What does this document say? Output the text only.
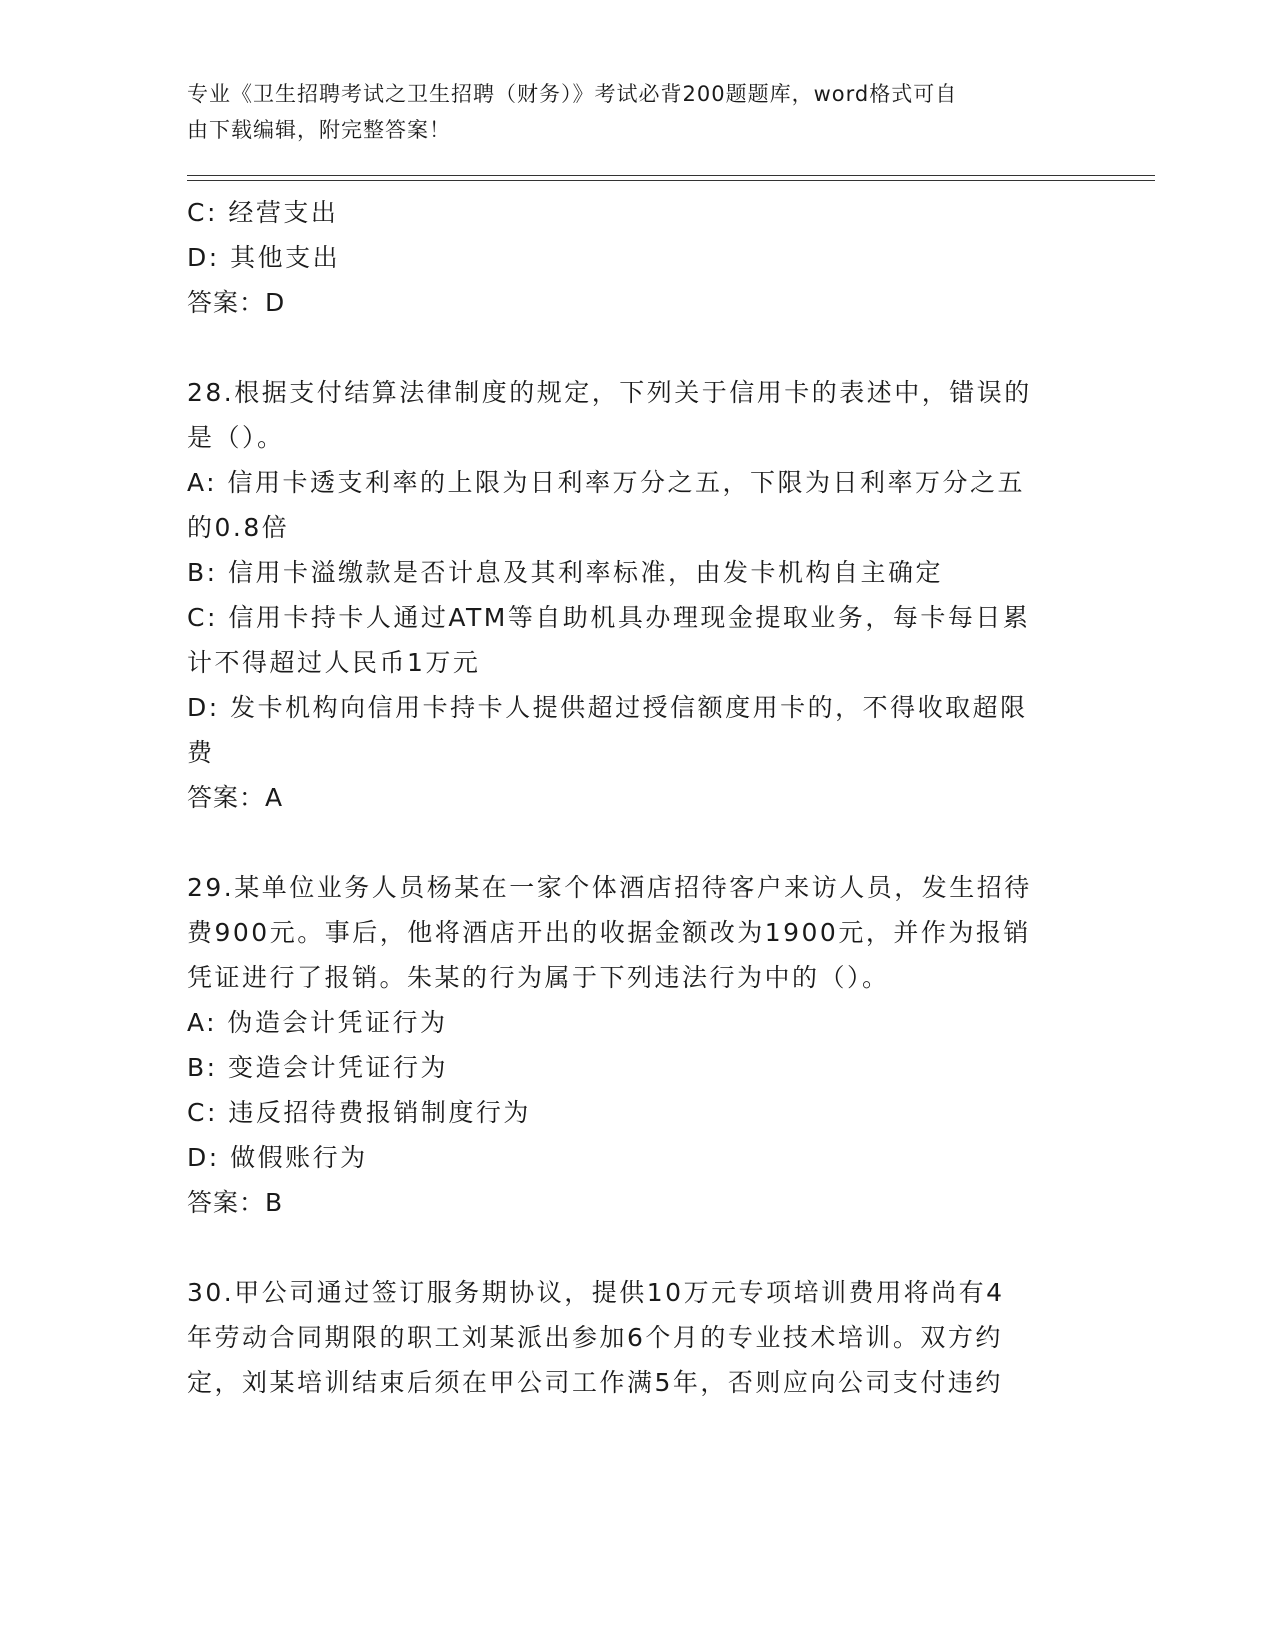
专业《卫生招聘考试之卫生招聘（财务）》考试必背200题题库，word格式可自
由下载编辑，附完整答案！

C: 经营支出

D: 其他支出

答案：D

28.根据支付结算法律制度的规定，下列关于信用卡的表述中，错误的

是（）。

A: 信用卡透支利率的上限为日利率万分之五，下限为日利率万分之五

的0.8倍

B: 信用卡溢缴款是否计息及其利率标准，由发卡机构自主确定

C: 信用卡持卡人通过ATM等自助机具办理现金提取业务，每卡每日累

计不得超过人民币1万元

D: 发卡机构向信用卡持卡人提供超过授信额度用卡的，不得收取超限

费

答案：A

29.某单位业务人员杨某在一家个体酒店招待客户来访人员，发生招待

费900元。事后，他将酒店开出的收据金额改为1900元，并作为报销

凭证进行了报销。朱某的行为属于下列违法行为中的（）。

A: 伪造会计凭证行为

B: 变造会计凭证行为

C: 违反招待费报销制度行为

D: 做假账行为

答案：B

30.甲公司通过签订服务期协议，提供10万元专项培训费用将尚有4

年劳动合同期限的职工刘某派出参加6个月的专业技术培训。双方约

定，刘某培训结束后须在甲公司工作满5年，否则应向公司支付违约
